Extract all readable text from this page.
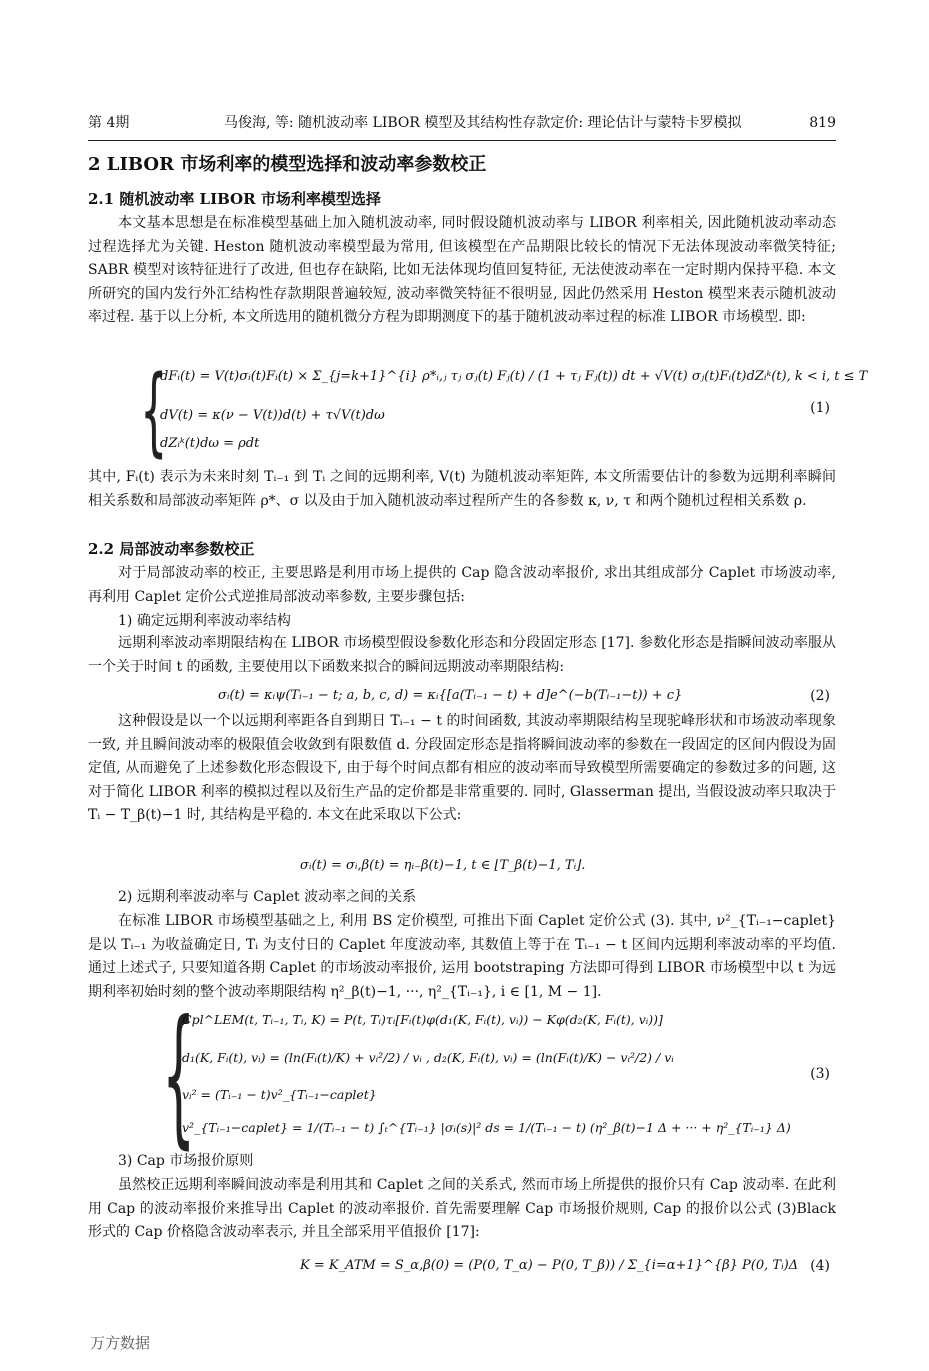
第 4期	马俊海, 等: 随机波动率 LIBOR 模型及其结构性存款定价: 理论估计与蒙特卡罗模拟	819
2 LIBOR 市场利率的模型选择和波动率参数校正
2.1 随机波动率 LIBOR 市场利率模型选择
本文基本思想是在标准模型基础上加入随机波动率, 同时假设随机波动率与 LIBOR 利率相关, 因此随机波动率动态过程选择尤为关键. Heston 随机波动率模型最为常用, 但该模型在产品期限比较长的情况下无法体现波动率微笑特征; SABR 模型对该特征进行了改进, 但也存在缺陷, 比如无法体现均值回复特征, 无法使波动率在一定时期内保持平稳. 本文所研究的国内发行外汇结构性存款期限普遍较短, 波动率微笑特征不很明显, 因此仍然采用 Heston 模型来表示随机波动率过程. 基于以上分析, 本文所选用的随机微分方程为即期测度下的基于随机波动率过程的标准 LIBOR 市场模型. 即:
{
dFᵢ(t) = V(t)σᵢ(t)Fᵢ(t) × Σ_{j=k+1}^{i} ρ*ᵢ,ⱼ τⱼ σⱼ(t) Fⱼ(t) / (1 + τⱼ Fⱼ(t)) dt + √V(t) σⱼ(t)Fᵢ(t)dZᵢᵏ(t), k < i, t ≤ T
dV(t) = κ(ν − V(t))d(t) + τ√V(t)dω
dZᵢᵏ(t)dω = ρdt
(1)
其中, Fᵢ(t) 表示为未来时刻 Tᵢ₋₁ 到 Tᵢ 之间的远期利率, V(t) 为随机波动率矩阵, 本文所需要估计的参数为远期利率瞬间相关系数和局部波动率矩阵 ρ*、σ 以及由于加入随机波动率过程所产生的各参数 κ, ν, τ 和两个随机过程相关系数 ρ.
2.2 局部波动率参数校正
对于局部波动率的校正, 主要思路是利用市场上提供的 Cap 隐含波动率报价, 求出其组成部分 Caplet 市场波动率, 再利用 Caplet 定价公式逆推局部波动率参数, 主要步骤包括:
1) 确定远期利率波动率结构
远期利率波动率期限结构在 LIBOR 市场模型假设参数化形态和分段固定形态 [17]. 参数化形态是指瞬间波动率服从一个关于时间 t 的函数, 主要使用以下函数来拟合的瞬间远期波动率期限结构:
σᵢ(t) = κᵢψ(Tᵢ₋₁ − t; a, b, c, d) = κᵢ{[a(Tᵢ₋₁ − t) + d]e^(−b(Tᵢ₋₁−t)) + c}	(2)
这种假设是以一个以远期利率距各自到期日 Tᵢ₋₁ − t 的时间函数, 其波动率期限结构呈现驼峰形状和市场波动率现象一致, 并且瞬间波动率的极限值会收敛到有限数值 d. 分段固定形态是指将瞬间波动率的参数在一段固定的区间内假设为固定值, 从而避免了上述参数化形态假设下, 由于每个时间点都有相应的波动率而导致模型所需要确定的参数过多的问题, 这对于简化 LIBOR 利率的模拟过程以及衍生产品的定价都是非常重要的. 同时, Glasserman 提出, 当假设波动率只取决于 Tᵢ − T_β(t)−1 时, 其结构是平稳的. 本文在此采取以下公式:
σᵢ(t) = σᵢ,β(t) = ηᵢ₋β(t)−1, t ∈ ⌊T_β(t)−1, Tᵢ⌋.
2) 远期利率波动率与 Caplet 波动率之间的关系
在标准 LIBOR 市场模型基础之上, 利用 BS 定价模型, 可推出下面 Caplet 定价公式 (3). 其中, ν²_{Tᵢ₋₁−caplet} 是以 Tᵢ₋₁ 为收益确定日, Tᵢ 为支付日的 Caplet 年度波动率, 其数值上等于在 Tᵢ₋₁ − t 区间内远期利率波动率的平均值. 通过上述式子, 只要知道各期 Caplet 的市场波动率报价, 运用 bootstraping 方法即可得到 LIBOR 市场模型中以 t 为远期利率初始时刻的整个波动率期限结构 η²_β(t)−1, ···, η²_{Tᵢ₋₁}, i ∈ [1, M − 1].
{
Cpl^LEM(t, Tᵢ₋₁, Tᵢ, K) = P(t, Tᵢ)τᵢ[Fᵢ(t)φ(d₁(K, Fᵢ(t), vᵢ)) − Kφ(d₂(K, Fᵢ(t), vᵢ))]
d₁(K, Fᵢ(t), vᵢ) = (ln(Fᵢ(t)/K) + vᵢ²/2) / vᵢ , d₂(K, Fᵢ(t), vᵢ) = (ln(Fᵢ(t)/K) − vᵢ²/2) / vᵢ
vᵢ² = (Tᵢ₋₁ − t)v²_{Tᵢ₋₁−caplet}
v²_{Tᵢ₋₁−caplet} = 1/(Tᵢ₋₁ − t) ∫ₜ^{Tᵢ₋₁} |σᵢ(s)|² ds = 1/(Tᵢ₋₁ − t) (η²_β(t)−1 Δ + ··· + η²_{Tᵢ₋₁} Δ)
(3)
3) Cap 市场报价原则
虽然校正远期利率瞬间波动率是利用其和 Caplet 之间的关系式, 然而市场上所提供的报价只有 Cap 波动率. 在此利用 Cap 的波动率报价来推导出 Caplet 的波动率报价. 首先需要理解 Cap 市场报价规则, Cap 的报价以公式 (3)Black 形式的 Cap 价格隐含波动率表示, 并且全部采用平值报价 [17]:
K = K_ATM = S_α,β(0) = (P(0, T_α) − P(0, T_β)) / Σ_{i=α+1}^{β} P(0, Tᵢ)Δ (4)
万方数据
